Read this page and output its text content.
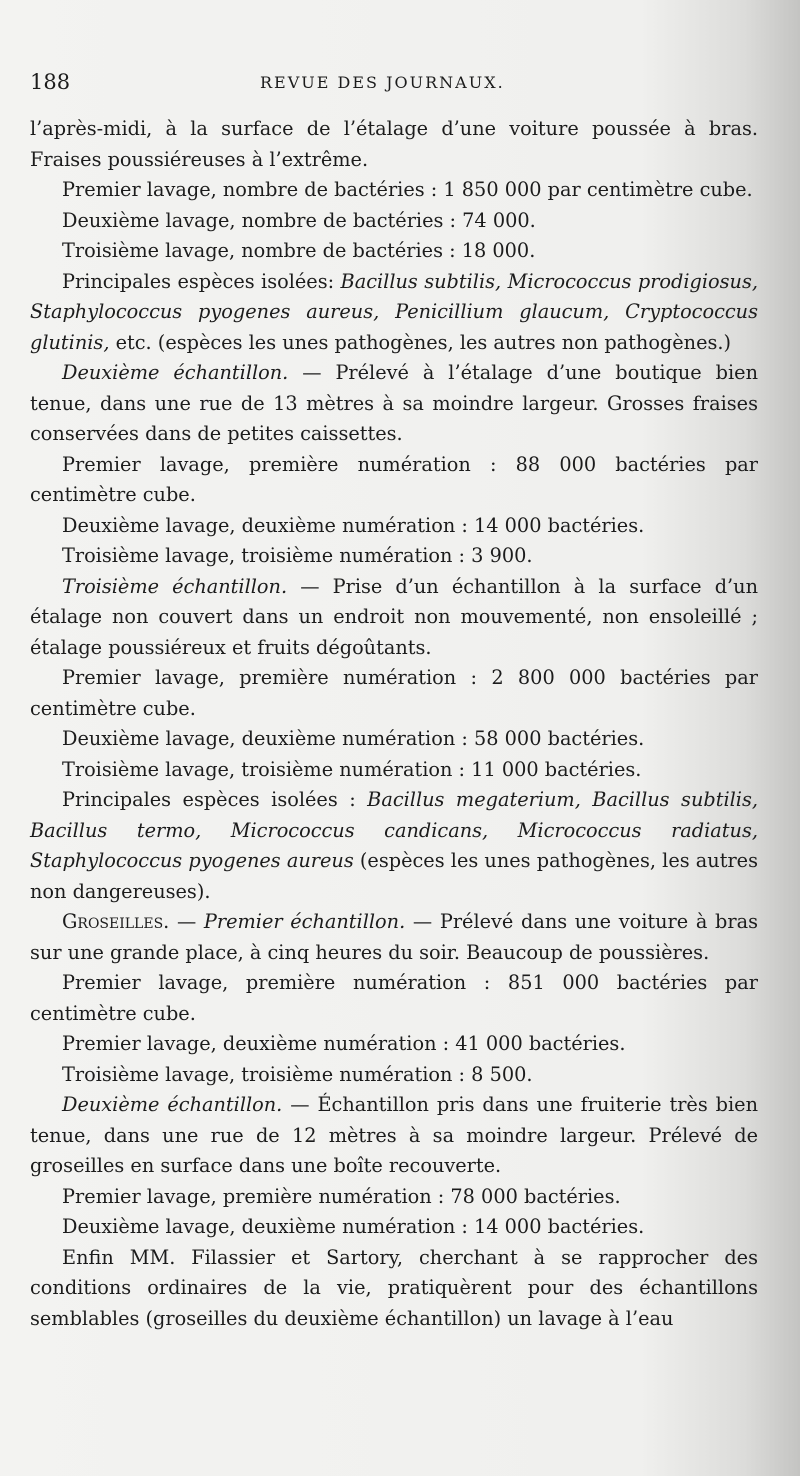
188	REVUE DES JOURNAUX.

l’après-midi, à la surface de l’étalage d’une voiture poussée à bras. Fraises poussiéreuses à l’extrême.

Premier lavage, nombre de bactéries : 1 850 000 par centimètre cube.

Deuxième lavage, nombre de bactéries : 74 000.

Troisième lavage, nombre de bactéries : 18 000.

Principales espèces isolées: Bacillus subtilis, Micrococcus prodigiosus, Staphylococcus pyogenes aureus, Penicillium glaucum, Cryptococcus glutinis, etc. (espèces les unes pathogènes, les autres non pathogènes.)

Deuxième échantillon. — Prélevé à l’étalage d’une boutique bien tenue, dans une rue de 13 mètres à sa moindre largeur. Grosses fraises conservées dans de petites caissettes.

Premier lavage, première numération : 88 000 bactéries par centimètre cube.

Deuxième lavage, deuxième numération : 14 000 bactéries.

Troisième lavage, troisième numération : 3 900.

Troisième échantillon. — Prise d’un échantillon à la surface d’un étalage non couvert dans un endroit non mouvementé, non ensoleillé ; étalage poussiéreux et fruits dégoûtants.

Premier lavage, première numération : 2 800 000 bactéries par centimètre cube.

Deuxième lavage, deuxième numération : 58 000 bactéries.

Troisième lavage, troisième numération : 11 000 bactéries.

Principales espèces isolées : Bacillus megaterium, Bacillus subtilis, Bacillus termo, Micrococcus candicans, Micrococcus radiatus, Staphylococcus pyogenes aureus (espèces les unes pathogènes, les autres non dangereuses).

Groseilles. — Premier échantillon. — Prélevé dans une voiture à bras sur une grande place, à cinq heures du soir. Beaucoup de poussières.

Premier lavage, première numération : 851 000 bactéries par centimètre cube.

Premier lavage, deuxième numération : 41 000 bactéries.

Troisième lavage, troisième numération : 8 500.

Deuxième échantillon. — Échantillon pris dans une fruiterie très bien tenue, dans une rue de 12 mètres à sa moindre largeur. Prélevé de groseilles en surface dans une boîte recouverte.

Premier lavage, première numération : 78 000 bactéries.

Deuxième lavage, deuxième numération : 14 000 bactéries.

Enfin MM. Filassier et Sartory, cherchant à se rapprocher des conditions ordinaires de la vie, pratiquèrent pour des échantillons semblables (groseilles du deuxième échantillon) un lavage à l’eau
